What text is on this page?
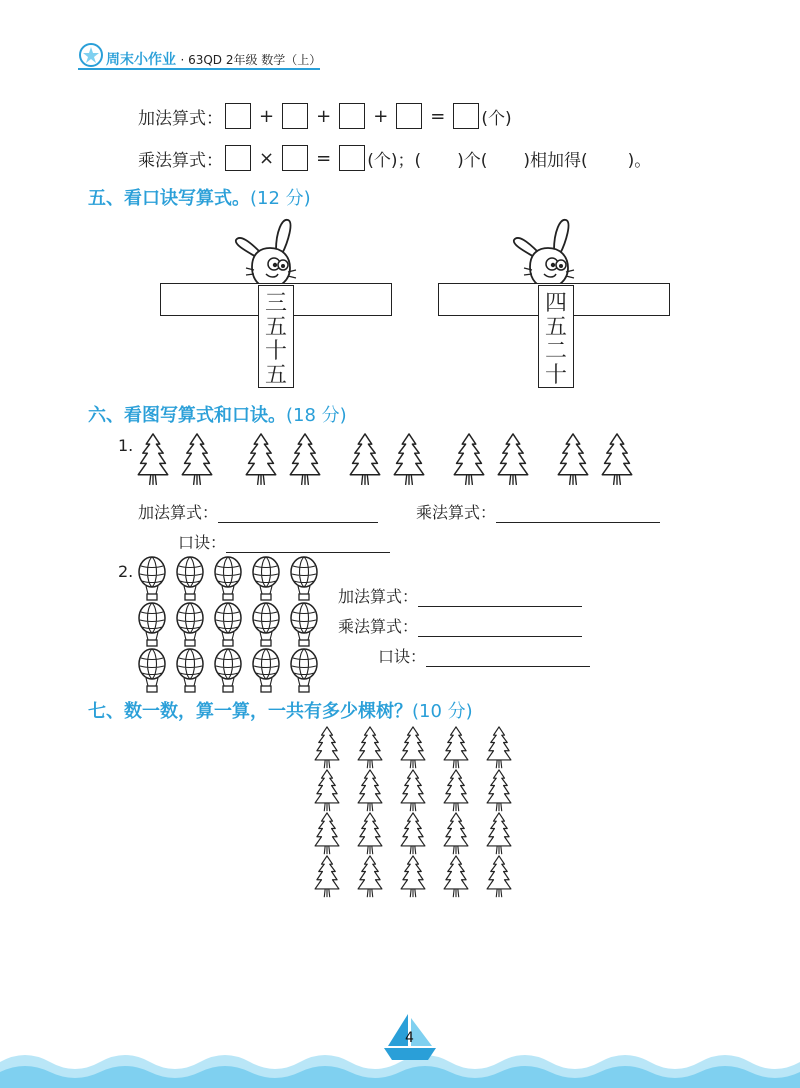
周末小作业 · 63QD 2年级 数学（上）
加法算式： + + + = (个)
乘法算式： × = (个)；( )个( )相加得( )。
五、看口诀写算式。(12 分)
三
五
十
五
四
五
二
十
六、看图写算式和口诀。(18 分)
1.
加法算式：	乘法算式：
口诀：
2.
加法算式：
乘法算式：
口诀：
七、数一数，算一算，一共有多少棵树？(10 分)
4
